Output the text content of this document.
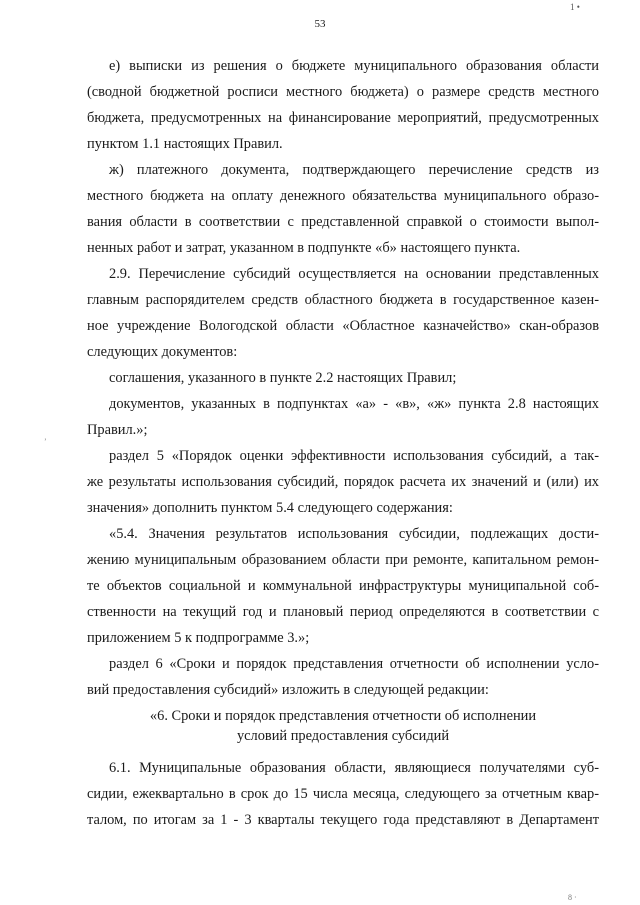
53
1 •
’
8 ·

е) выписки из решения о бюджете муниципального образования области

(сводной бюджетной росписи местного бюджета) о размере средств местного

бюджета, предусмотренных на финансирование мероприятий, предусмотренных

пунктом 1.1 настоящих Правил.

ж) платежного документа, подтверждающего перечисление средств из

местного бюджета на оплату денежного обязательства муниципального образо-

вания области в соответствии с представленной справкой о стоимости выпол-

ненных работ и затрат, указанном в подпункте «б» настоящего пункта.

2.9. Перечисление субсидий осуществляется на основании представленных

главным распорядителем средств областного бюджета в государственное казен-

ное учреждение Вологодской области «Областное казначейство» скан-образов

следующих документов:

соглашения, указанного в пункте 2.2 настоящих Правил;

документов, указанных в подпунктах «а» - «в», «ж» пункта 2.8 настоящих

Правил.»;

раздел 5 «Порядок оценки эффективности использования субсидий, а так-

же результаты использования субсидий, порядок расчета их значений и (или) их

значения» дополнить пунктом 5.4 следующего содержания:

«5.4. Значения результатов использования субсидии, подлежащих дости-

жению муниципальным образованием области при ремонте, капитальном ремон-

те объектов социальной и коммунальной инфраструктуры муниципальной соб-

ственности на текущий год и плановый период определяются в соответствии с

приложением 5 к подпрограмме 3.»;

раздел 6 «Сроки и порядок представления отчетности об исполнении усло-

вий предоставления субсидий» изложить в следующей редакции:

«6. Сроки и порядок представления отчетности об исполнении
условий предоставления субсидий

6.1. Муниципальные образования области, являющиеся получателями суб-

сидии, ежеквартально в срок до 15 числа месяца, следующего за отчетным квар-

талом, по итогам за 1 - 3 кварталы текущего года представляют в Департамент
